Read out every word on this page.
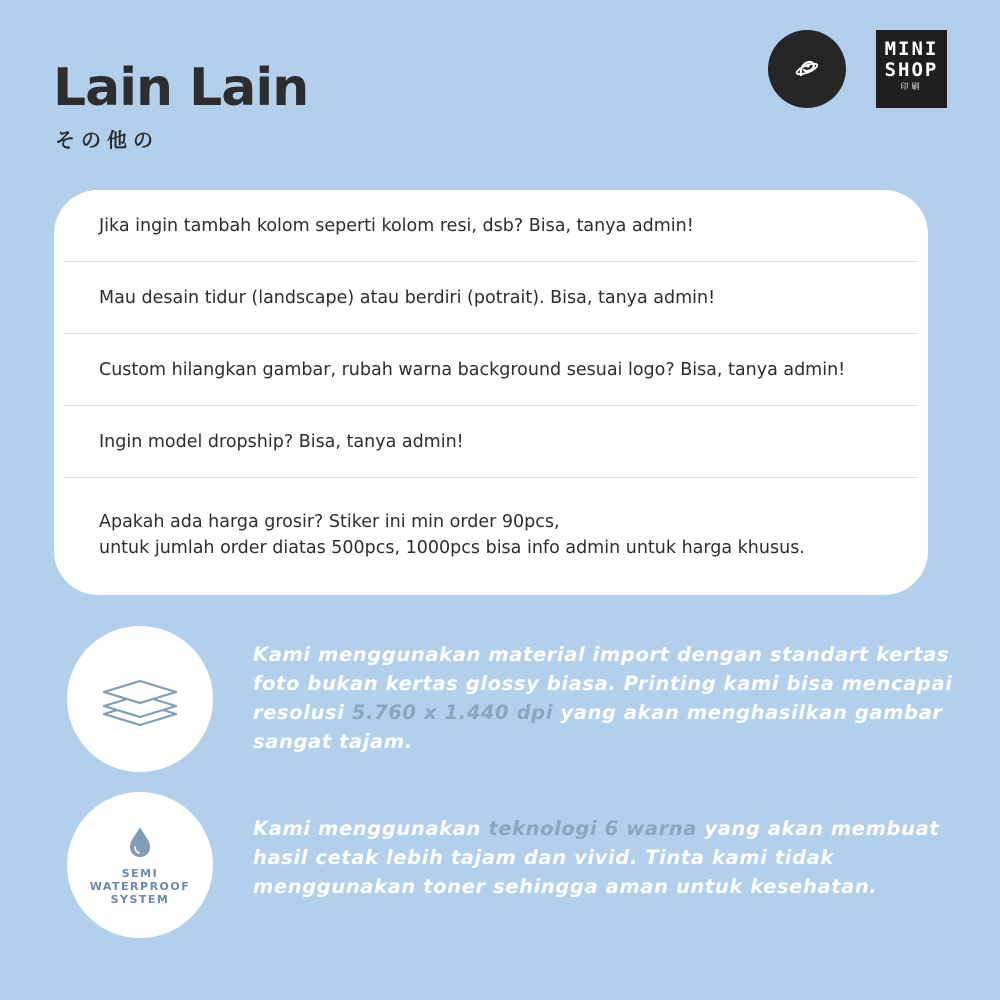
Lain Lain
その他の
MINI
SHOP
印刷
Jika ingin tambah kolom seperti kolom resi, dsb? Bisa, tanya admin!
Mau desain tidur (landscape) atau berdiri (potrait). Bisa, tanya admin!
Custom hilangkan gambar, rubah warna background sesuai logo? Bisa, tanya admin!
Ingin model dropship? Bisa, tanya admin!
Apakah ada harga grosir? Stiker ini min order 90pcs,
untuk jumlah order diatas 500pcs, 1000pcs bisa info admin untuk harga khusus.
Kami menggunakan material import dengan standart kertas foto bukan kertas glossy biasa. Printing kami bisa mencapai resolusi 5.760 x 1.440 dpi yang akan menghasilkan gambar sangat tajam.
SEMI WATERPROOF SYSTEM
Kami menggunakan teknologi 6 warna yang akan membuat hasil cetak lebih tajam dan vivid. Tinta kami tidak menggunakan toner sehingga aman untuk kesehatan.
